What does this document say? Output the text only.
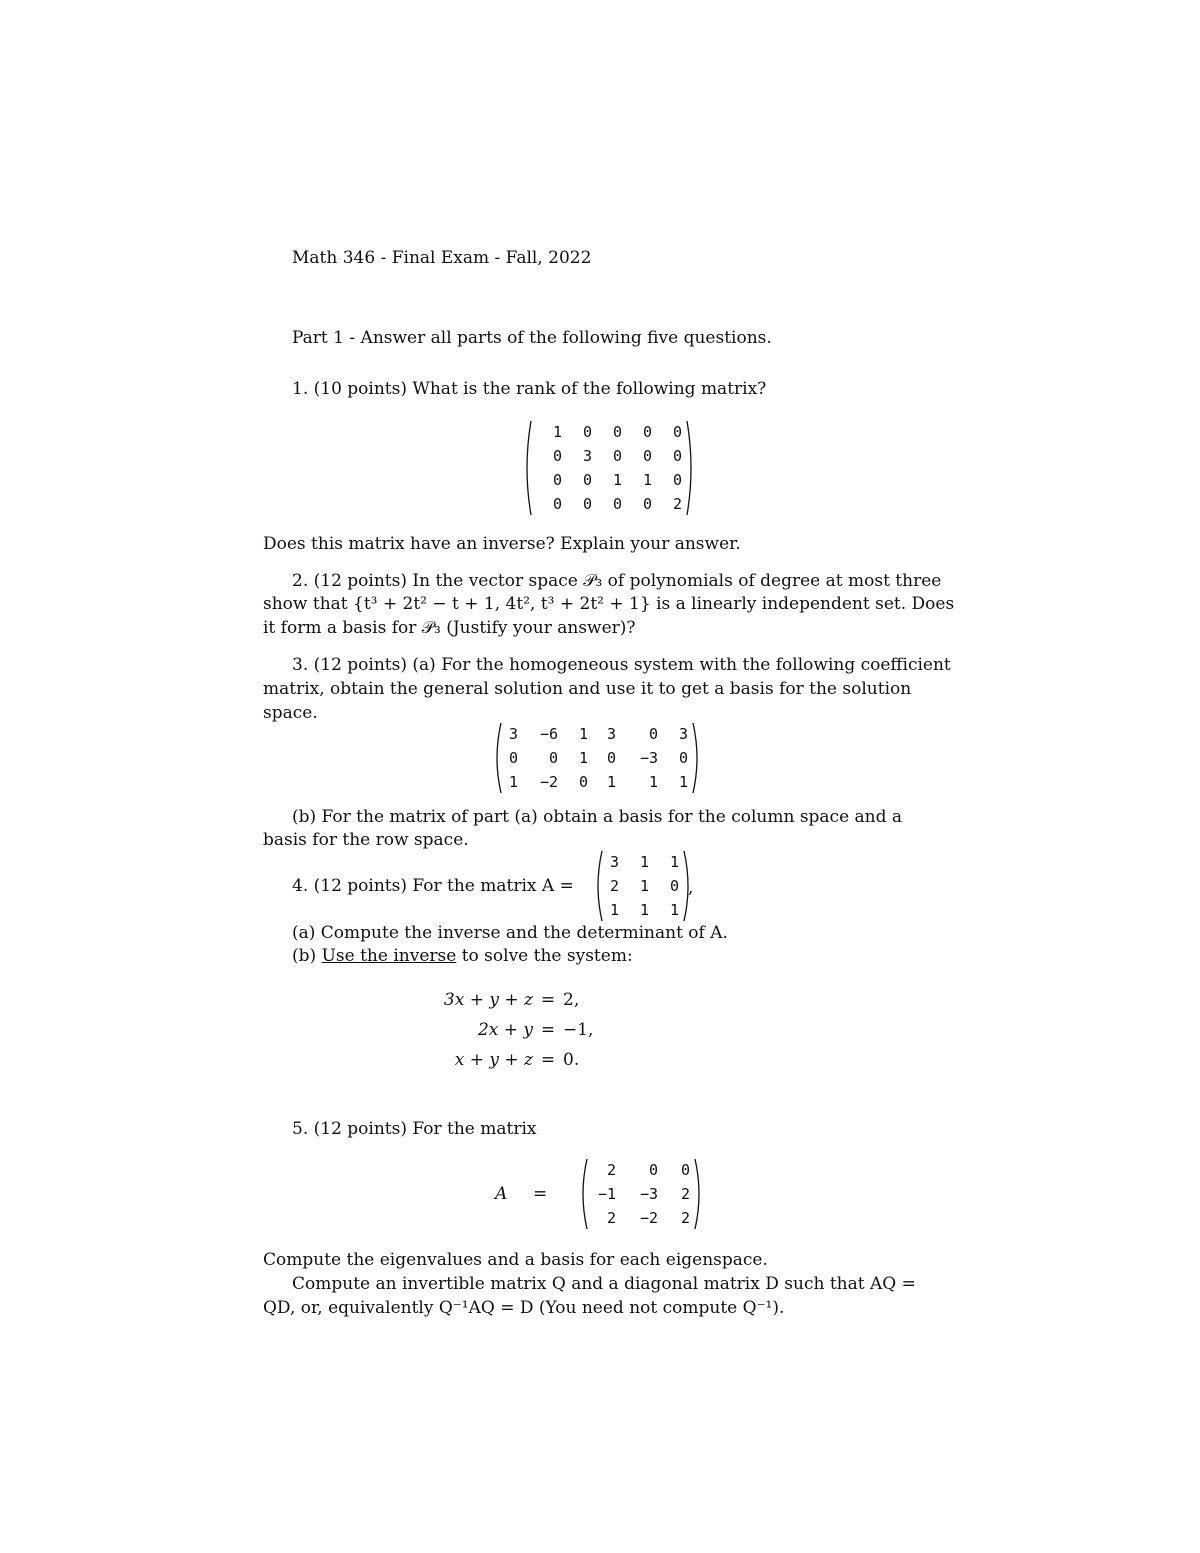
Math 346 - Final Exam - Fall, 2022
Part 1 - Answer all parts of the following five questions.
1. (10 points) What is the rank of the following matrix?
1	0	0	0	0
0	3	0	0	0
0	0	1	1	0
0	0	0	0	2
Does this matrix have an inverse? Explain your answer.
2. (12 points) In the vector space 𝒫₃ of polynomials of degree at most three
show that {t³ + 2t² − t + 1, 4t², t³ + 2t² + 1} is a linearly independent set. Does
it form a basis for 𝒫₃ (Justify your answer)?
3. (12 points) (a) For the homogeneous system with the following coefficient
matrix, obtain the general solution and use it to get a basis for the solution
space.
3	−6	1	3	0	3
0	0	1	0	−3	0
1	−2	0	1	1	1
(b) For the matrix of part (a) obtain a basis for the column space and a
basis for the row space.
4. (12 points) For the matrix A =
3	1	1
2	1	0
1	1	1
,
(a) Compute the inverse and the determinant of A.
(b) Use the inverse to solve the system:
3x + y + z = 2,
2x + y = −1,
x + y + z = 0.
5. (12 points) For the matrix
A =
2	0	0
−1	−3	2
2	−2	2
Compute the eigenvalues and a basis for each eigenspace.
Compute an invertible matrix Q and a diagonal matrix D such that AQ =
QD, or, equivalently Q⁻¹AQ = D (You need not compute Q⁻¹).
